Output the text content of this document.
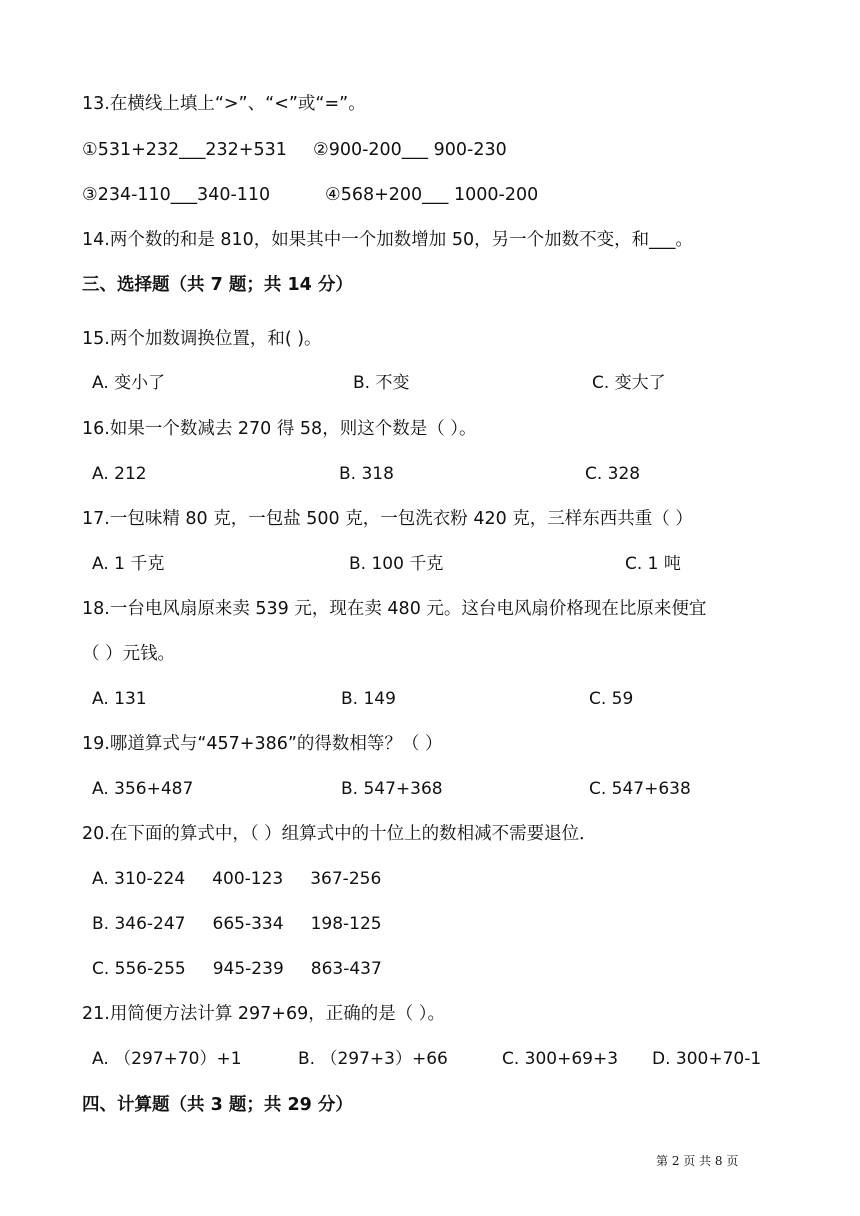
13.在横线上填上“>”、“<”或“=”。
①531+232___232+531 ②900-200___ 900-230
③234-110___340-110	④568+200___ 1000-200
14.两个数的和是 810，如果其中一个加数增加 50，另一个加数不变，和___。
三、选择题（共 7 题；共 14 分）
15.两个加数调换位置，和( )。
A. 变小了	B. 不变	C. 变大了
16.如果一个数减去 270 得 58，则这个数是（ ）。
A. 212	B. 318	C. 328
17.一包味精 80 克，一包盐 500 克，一包洗衣粉 420 克，三样东西共重（ ）
A. 1 千克	B. 100 千克	C. 1 吨
18.一台电风扇原来卖 539 元，现在卖 480 元。这台电风扇价格现在比原来便宜
（ ）元钱。
A. 131	B. 149	C. 59
19.哪道算式与“457+386”的得数相等？（ ）
A. 356+487	B. 547+368	C. 547+638
20.在下面的算式中，（ ）组算式中的十位上的数相减不需要退位．
A. 310-224     400-123     367-256
B. 346-247     665-334     198-125
C. 556-255     945-239     863-437
21.用简便方法计算 297+69，正确的是（ ）。
A. （297+70）+1	B. （297+3）+66	C. 300+69+3 D. 300+70-1
四、计算题（共 3 题；共 29 分）
第 2 页 共 8 页
